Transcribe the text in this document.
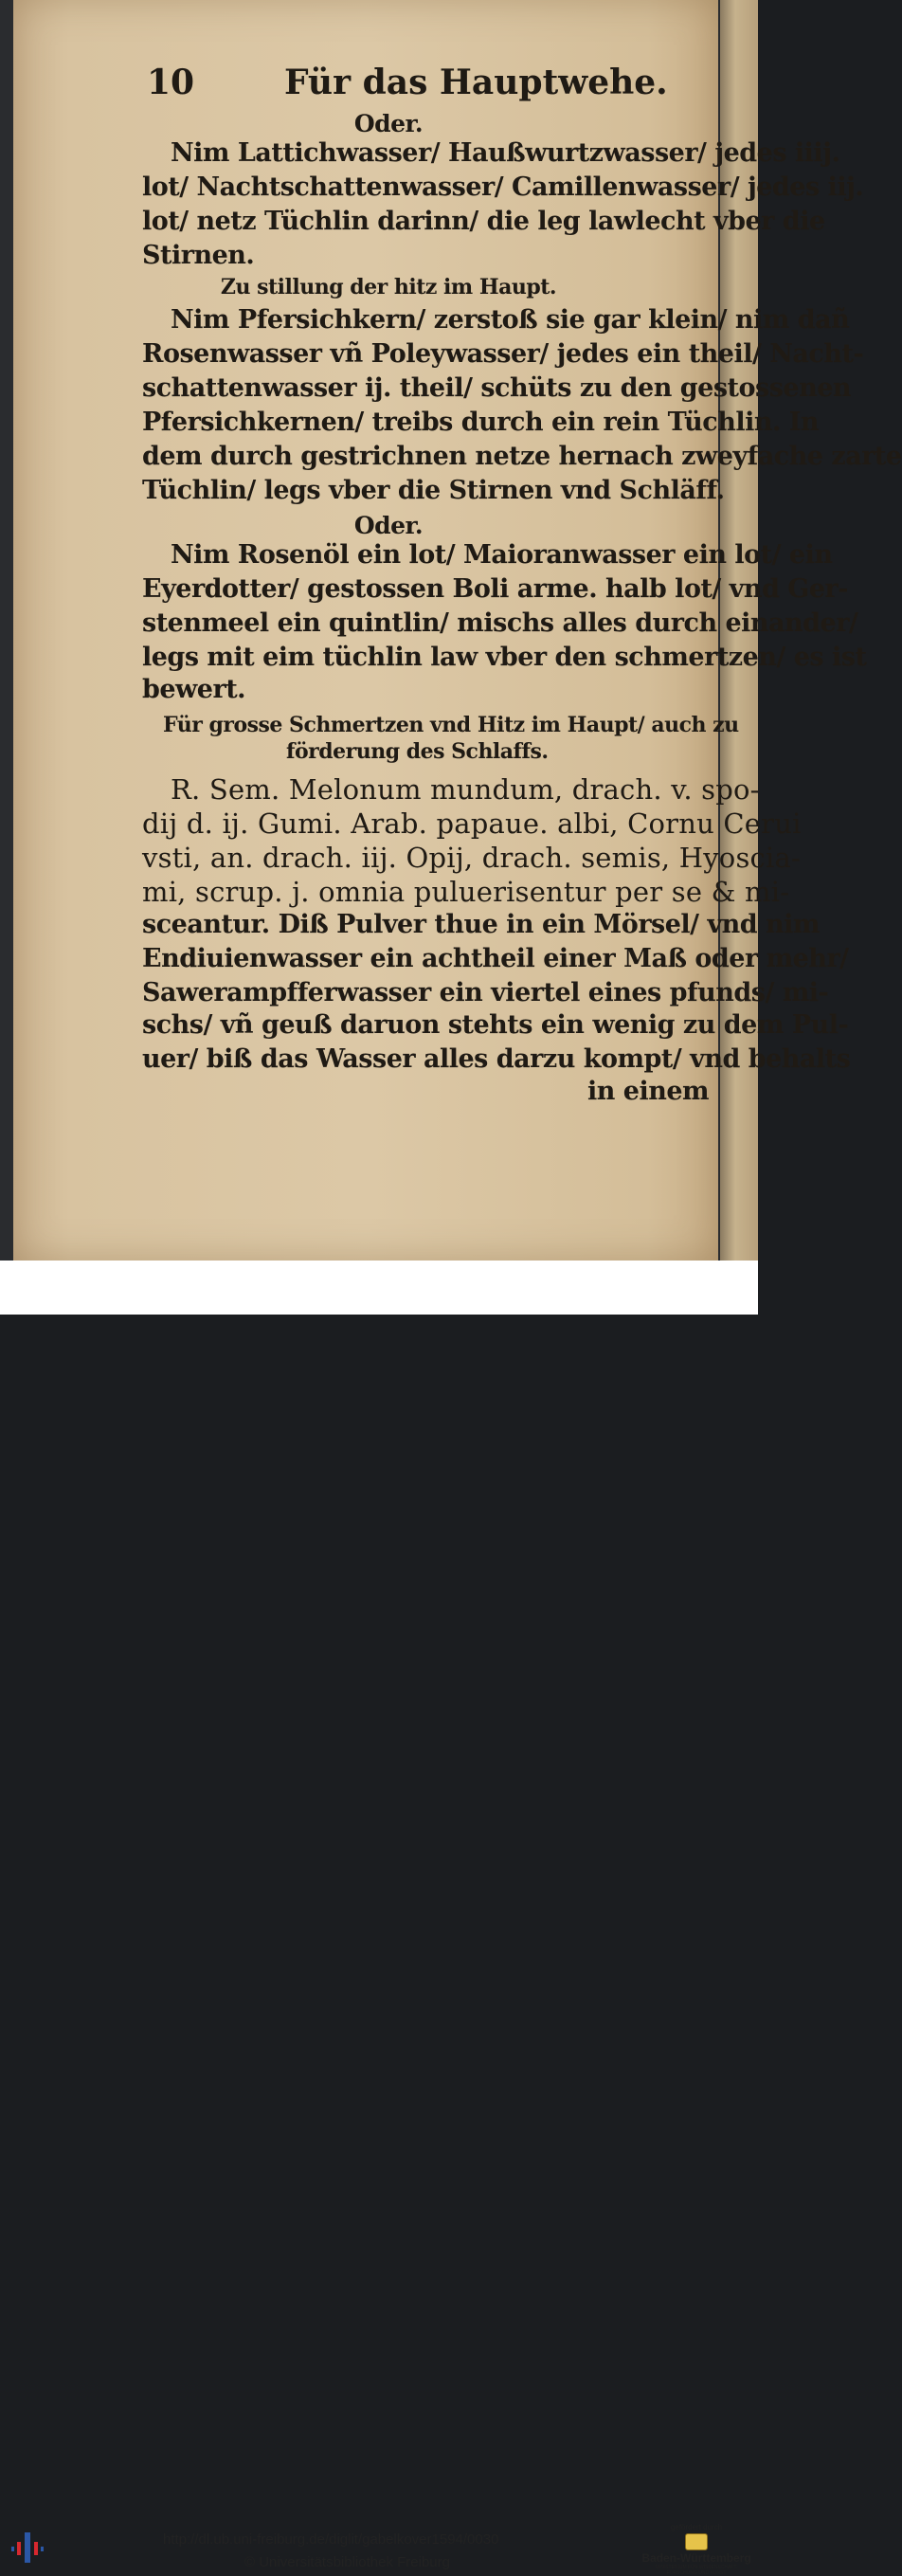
10	Für das Hauptwehe.
Oder.
Nim Lattichwasser/ Haußwurtzwasser/ jedes iiij.
lot/ Nachtschattenwasser/ Camillenwasser/ jedes iij.
lot/ netz Tüchlin darinn/ die leg lawlecht vber die
Stirnen.
Zu stillung der hitz im Haupt.
Nim Pfersichkern/ zerstoß sie gar klein/ nim dañ
Rosenwasser vñ Poleywasser/ jedes ein theil/ Nacht-
schattenwasser ij. theil/ schüts zu den gestossenen
Pfersichkernen/ treibs durch ein rein Tüchlin. In
dem durch gestrichnen netze hernach zweyfache zarte
Tüchlin/ legs vber die Stirnen vnd Schläff.
Oder.
Nim Rosenöl ein lot/ Maioranwasser ein lot/ ein
Eyerdotter/ gestossen Boli arme. halb lot/ vnd Ger-
stenmeel ein quintlin/ mischs alles durch einander/
legs mit eim tüchlin law vber den schmertzen/ es ist
bewert.
Für grosse Schmertzen vnd Hitz im Haupt/ auch zu
förderung des Schlaffs.
R. Sem. Melonum mundum, drach. v. spo-
dij d. ij. Gumi. Arab. papaue. albi, Cornu Cerui
vsti, an. drach. iij. Opij, drach. semis, Hyoscia-
mi, scrup. j. omnia puluerisentur per se & mi-
sceantur. Diß Pulver thue in ein Mörsel/ vnd nim
Endiuienwasser ein achtheil einer Maß oder mehr/
Sawerampfferwasser ein viertel eines pfunds/ mi-
schs/ vñ geuß daruon stehts ein wenig zu dem Pul-
uer/ biß das Wasser alles darzu kompt/ vnd behalts
in einem
http://dl.ub.uni-freiburg.de/diglit/gabelkover1594/0030
© Universitätsbibliothek Freiburg
gefördert durch
Baden-Württemberg
MINISTERIUM FÜR WISSENSCHAFT, FORSCHUNG UND KUNST
